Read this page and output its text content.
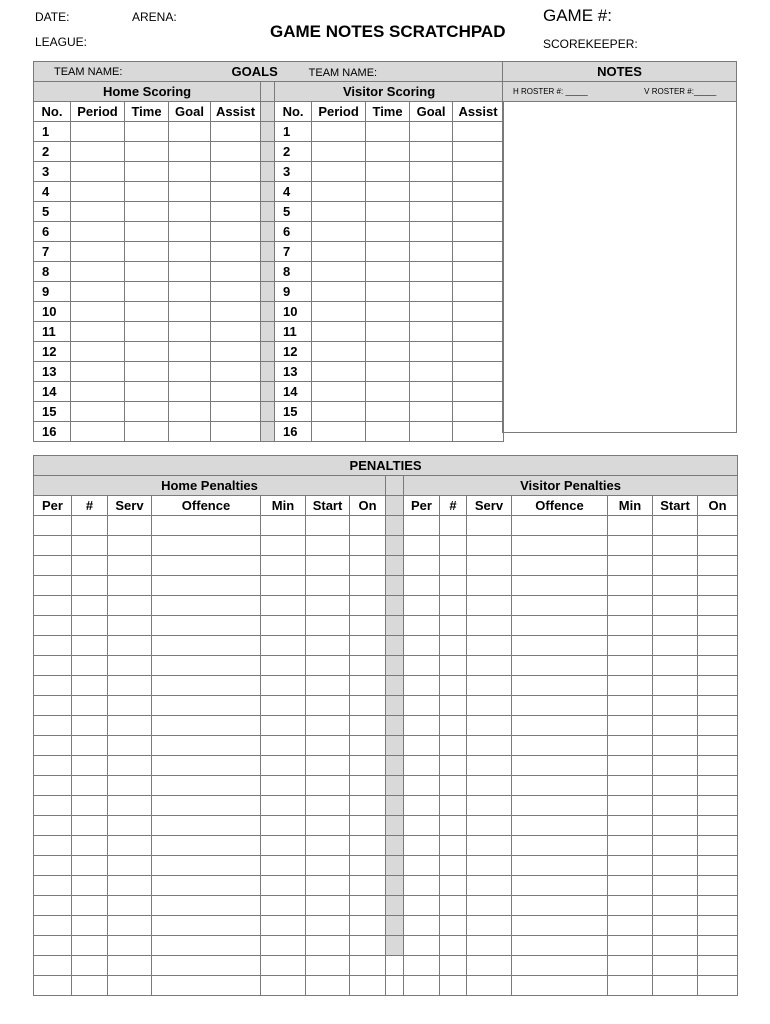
DATE:	ARENA:
LEAGUE:
GAME NOTES SCRATCHPAD
GAME #:
SCOREKEEPER:
TEAM NAME:					GOALS TEAM NAME:					
Home Scoring						Visitor Scoring				
No.	Period	Time	Goal	Assist		No.	Period	Time	Goal	Assist
1						1				
2						2				
3						3				
4						4				
5						5				
6						6				
7						7				
8						8				
9						9				
10						10				
11						11				
12						12				
13						13				
14						14				
15						15				
16						16				
NOTES
H ROSTER #: _____	V ROSTER #:_____

PENALTIES														
Home Penalties								Visitor Penalties						
Per	#	Serv	Offence	Min	Start	On		Per	#	Serv	Offence	Min	Start	On
